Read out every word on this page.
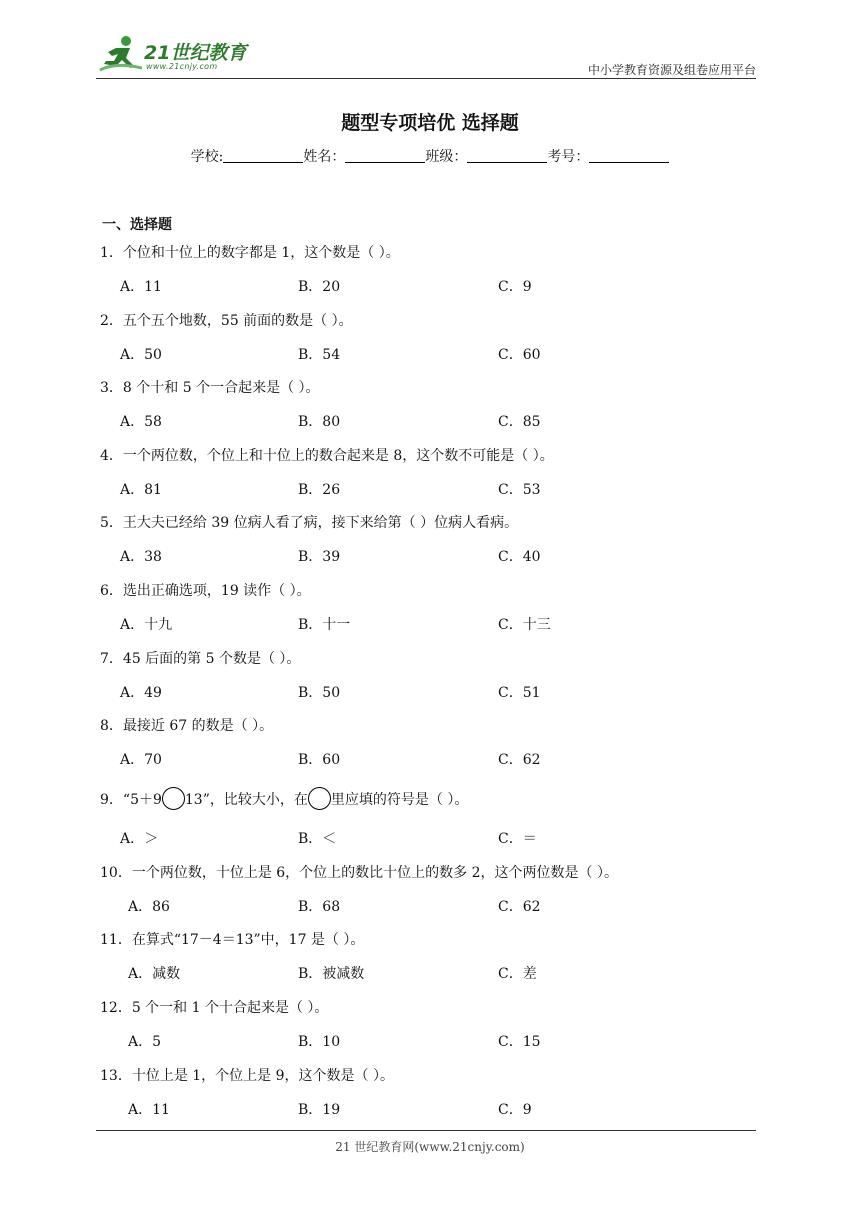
21世纪教育
www.21cnjy.com	中小学教育资源及组卷应用平台
题型专项培优 选择题
学校:	姓名：	班级：	考号：
一、选择题
1．个位和十位上的数字都是 1，这个数是（ ）。
A．11	B．20	C．9
2．五个五个地数，55 前面的数是（ ）。
A．50	B．54	C．60
3．8 个十和 5 个一合起来是（ ）。
A．58	B．80	C．85
4．一个两位数，个位上和十位上的数合起来是 8，这个数不可能是（ ）。
A．81	B．26	C．53
5．王大夫已经给 39 位病人看了病，接下来给第（ ）位病人看病。
A．38	B．39	C．40
6．选出正确选项，19 读作（ ）。
A．十九	B．十一	C．十三
7．45 后面的第 5 个数是（ ）。
A．49	B．50	C．51
8．最接近 67 的数是（ ）。
A．70	B．60	C．62
9．“5＋9 13”，比较大小，在 里应填的符号是（ ）。
A．＞	B．＜	C．＝
10．一个两位数，十位上是 6，个位上的数比十位上的数多 2，这个两位数是（ ）。
A．86	B．68	C．62
11．在算式“17－4＝13”中，17 是（ ）。
A．减数	B．被减数	C．差
12．5 个一和 1 个十合起来是（ ）。
A．5	B．10	C．15
13．十位上是 1，个位上是 9，这个数是（ ）。
A．11	B．19	C．9
21 世纪教育网(www.21cnjy.com)
